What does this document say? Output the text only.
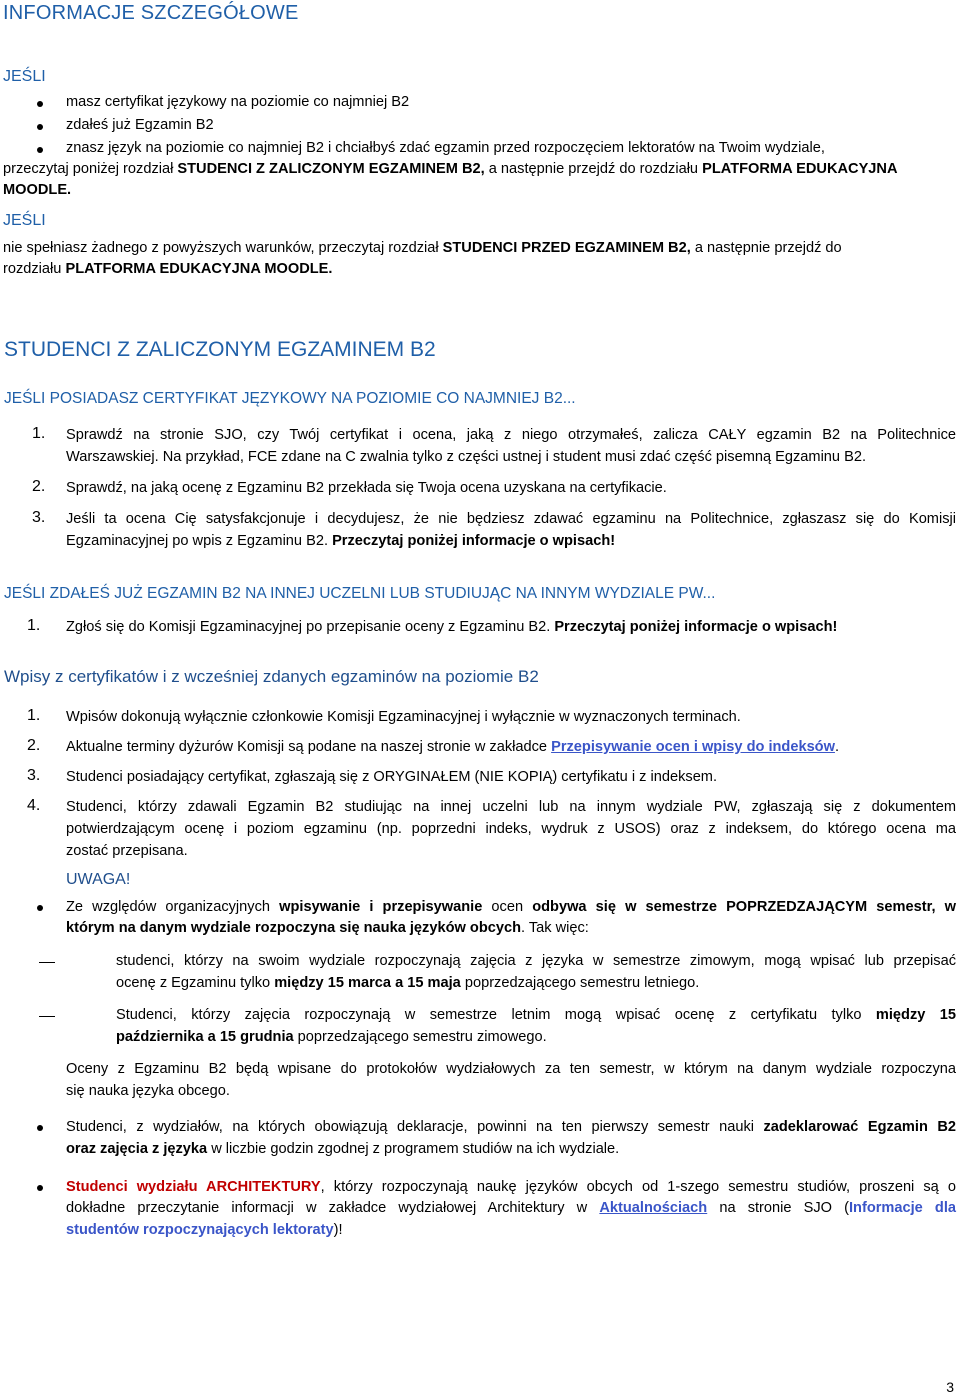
INFORMACJE SZCZEGÓŁOWE
JEŚLI
masz certyfikat językowy na poziomie co najmniej B2
zdałeś już Egzamin B2
znasz język na poziomie co najmniej B2 i chciałbyś zdać egzamin przed rozpoczęciem lektoratów na Twoim wydziale,
przeczytaj poniżej rozdział STUDENCI Z ZALICZONYM EGZAMINEM B2, a następnie przejdź do rozdziału PLATFORMA EDUKACYJNA
MOODLE.
JEŚLI
nie spełniasz żadnego z powyższych warunków, przeczytaj rozdział STUDENCI PRZED EGZAMINEM B2, a następnie przejdź do
rozdziału PLATFORMA EDUKACYJNA MOODLE.
STUDENCI Z ZALICZONYM EGZAMINEM B2
JEŚLI POSIADASZ CERTYFIKAT JĘZYKOWY NA POZIOMIE CO NAJMNIEJ B2...
1. Sprawdź na stronie SJO, czy Twój certyfikat i ocena, jaką z niego otrzymałeś, zalicza CAŁY egzamin B2 na Politechnice
Warszawskiej. Na przykład, FCE zdane na C zwalnia tylko z części ustnej i student musi zdać część pisemną Egzaminu B2.
2. Sprawdź, na jaką ocenę z Egzaminu B2 przekłada się Twoja ocena uzyskana na certyfikacie.
3. Jeśli ta ocena Cię satysfakcjonuje i decydujesz, że nie będziesz zdawać egzaminu na Politechnice, zgłaszasz się do Komisji
Egzaminacyjnej po wpis z Egzaminu B2. Przeczytaj poniżej informacje o wpisach!
JEŚLI ZDAŁEŚ JUŻ EGZAMIN B2 NA INNEJ UCZELNI LUB STUDIUJĄC NA INNYM WYDZIALE PW...
1. Zgłoś się do Komisji Egzaminacyjnej po przepisanie oceny z Egzaminu B2. Przeczytaj poniżej informacje o wpisach!
Wpisy z certyfikatów i z wcześniej zdanych egzaminów na poziomie B2
1. Wpisów dokonują wyłącznie członkowie Komisji Egzaminacyjnej i wyłącznie w wyznaczonych terminach.
2. Aktualne terminy dyżurów Komisji są podane na naszej stronie w zakładce Przepisywanie ocen i wpisy do indeksów.
3. Studenci posiadający certyfikat, zgłaszają się z ORYGINAŁEM (NIE KOPIĄ) certyfikatu i z indeksem.
4. Studenci, którzy zdawali Egzamin B2 studiując na innej uczelni lub na innym wydziale PW, zgłaszają się z dokumentem
potwierdzającym ocenę i poziom egzaminu (np. poprzedni indeks, wydruk z USOS) oraz z indeksem, do którego ocena ma
zostać przepisana.
UWAGA!
Ze względów organizacyjnych wpisywanie i przepisywanie ocen odbywa się w semestrze POPRZEDZAJĄCYM semestr, w
którym na danym wydziale rozpoczyna się nauka języków obcych. Tak więc:
studenci, którzy na swoim wydziale rozpoczynają zajęcia z języka w semestrze zimowym, mogą wpisać lub przepisać
ocenę z Egzaminu tylko między 15 marca a 15 maja poprzedzającego semestru letniego.
Studenci, którzy zajęcia rozpoczynają w semestrze letnim mogą wpisać ocenę z certyfikatu tylko między 15
października a 15 grudnia poprzedzającego semestru zimowego.
Oceny z Egzaminu B2 będą wpisane do protokołów wydziałowych za ten semestr, w którym na danym wydziale rozpoczyna
się nauka języka obcego.
Studenci, z wydziałów, na których obowiązują deklaracje, powinni na ten pierwszy semestr nauki zadeklarować Egzamin B2
oraz zajęcia z języka w liczbie godzin zgodnej z programem studiów na ich wydziale.
Studenci wydziału ARCHITEKTURY, którzy rozpoczynają naukę języków obcych od 1-szego semestru studiów, proszeni są o
dokładne przeczytanie informacji w zakładce wydziałowej Architektury w Aktualnościach na stronie SJO (Informacje dla
studentów rozpoczynających lektoraty)!
3
